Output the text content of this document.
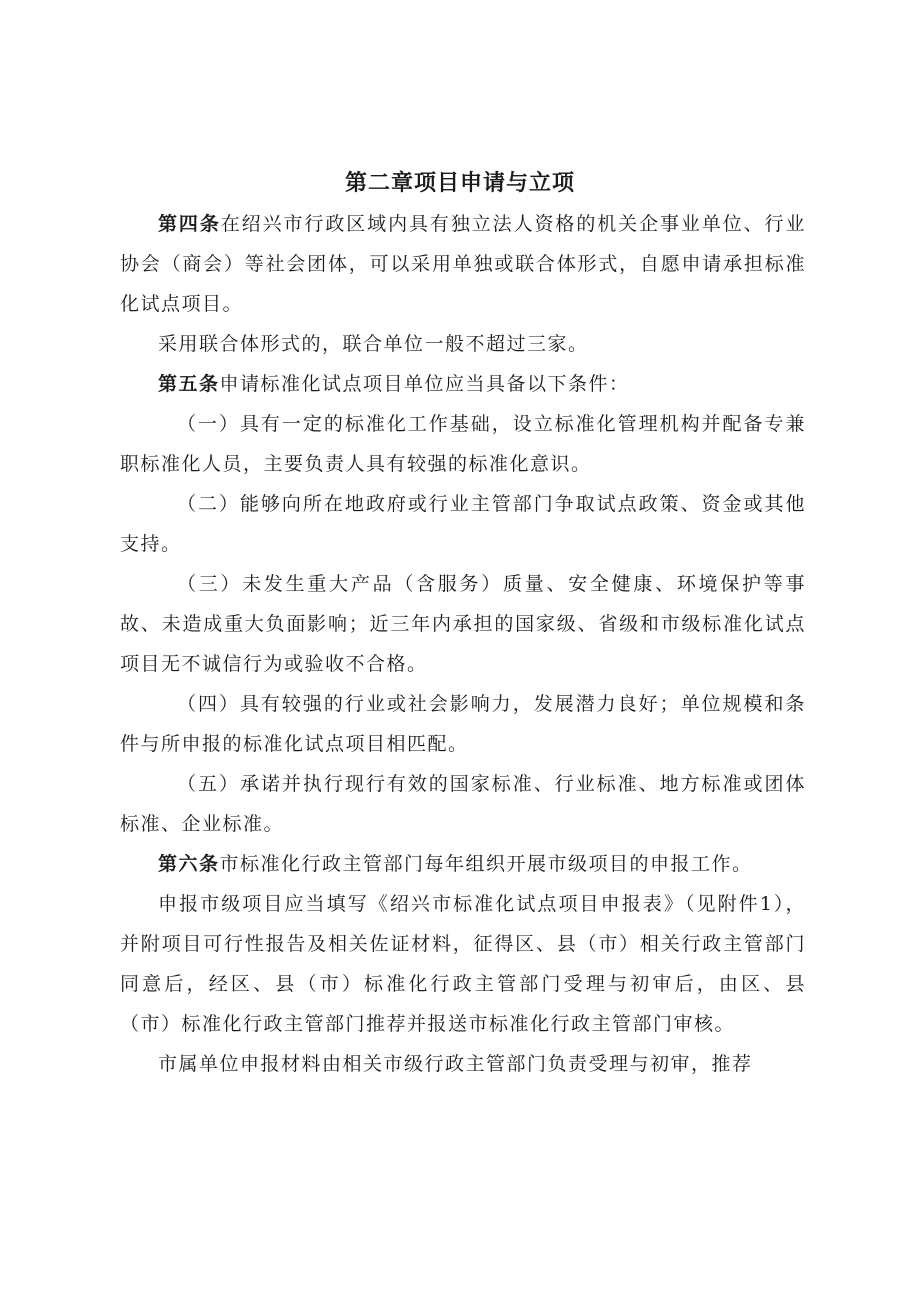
第二章项目申请与立项

第四条在绍兴市行政区域内具有独立法人资格的机关企事业单位、行业协会（商会）等社会团体，可以采用单独或联合体形式，自愿申请承担标准化试点项目。

采用联合体形式的，联合单位一般不超过三家。

第五条申请标准化试点项目单位应当具备以下条件：

（一）具有一定的标准化工作基础，设立标准化管理机构并配备专兼职标准化人员，主要负责人具有较强的标准化意识。

（二）能够向所在地政府或行业主管部门争取试点政策、资金或其他支持。

（三）未发生重大产品（含服务）质量、安全健康、环境保护等事故、未造成重大负面影响；近三年内承担的国家级、省级和市级标准化试点项目无不诚信行为或验收不合格。

（四）具有较强的行业或社会影响力，发展潜力良好；单位规模和条件与所申报的标准化试点项目相匹配。

（五）承诺并执行现行有效的国家标准、行业标准、地方标准或团体标准、企业标准。

第六条市标准化行政主管部门每年组织开展市级项目的申报工作。

申报市级项目应当填写《绍兴市标准化试点项目申报表》（见附件1），并附项目可行性报告及相关佐证材料，征得区、县（市）相关行政主管部门同意后，经区、县（市）标准化行政主管部门受理与初审后，由区、县（市）标准化行政主管部门推荐并报送市标准化行政主管部门审核。

市属单位申报材料由相关市级行政主管部门负责受理与初审，推荐
